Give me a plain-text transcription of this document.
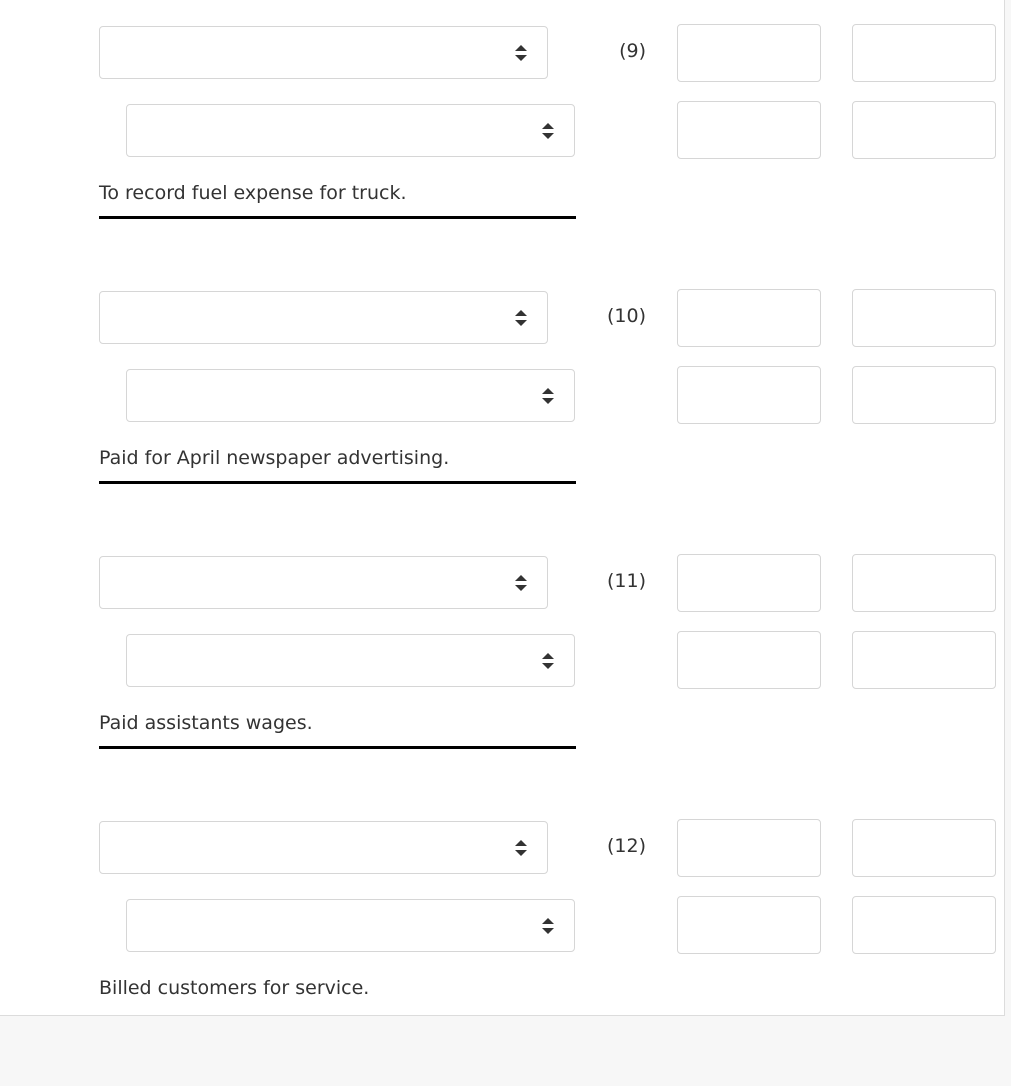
(9)
To record fuel expense for truck.
(10)
Paid for April newspaper advertising.
(11)
Paid assistants wages.
(12)
Billed customers for service.
